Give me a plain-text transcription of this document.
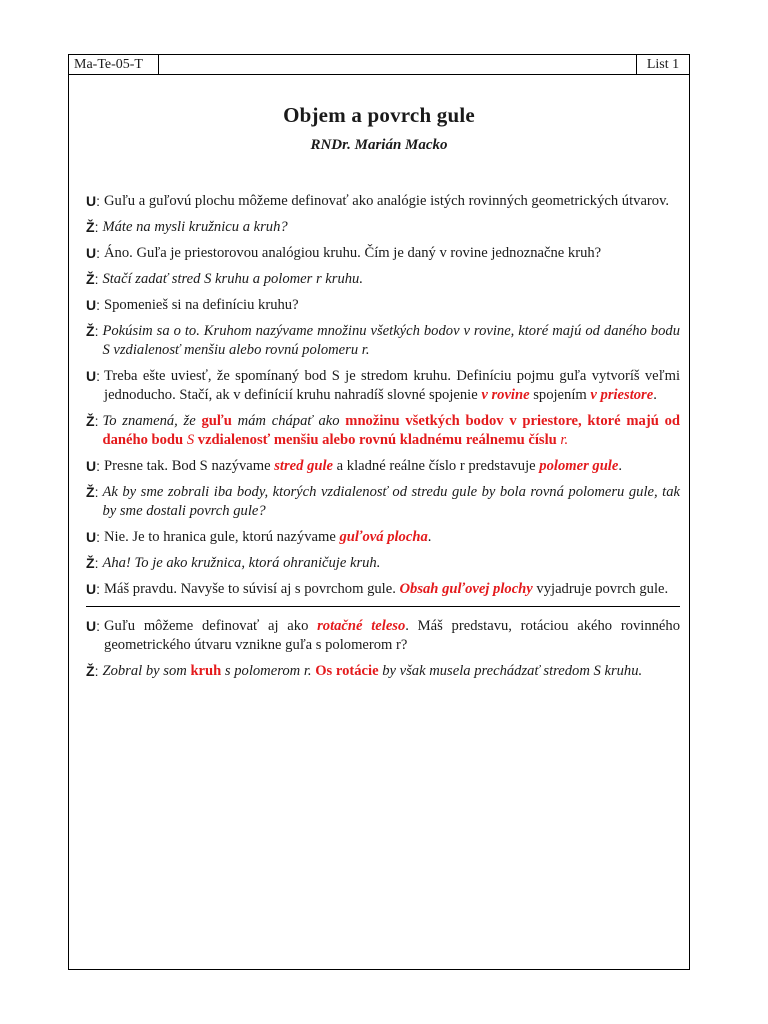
Ma-Te-05-T	List 1
Objem a povrch gule
RNDr. Marián Macko
U: Guľu a guľovú plochu môžeme definovať ako analógie istých rovinných geometrických útvarov.
Ž: Máte na mysli kružnicu a kruh?
U: Áno. Guľa je priestorovou analógiou kruhu. Čím je daný v rovine jednoznačne kruh?
Ž: Stačí zadať stred S kruhu a polomer r kruhu.
U: Spomenieš si na definíciu kruhu?
Ž: Pokúsim sa o to. Kruhom nazývame množinu všetkých bodov v rovine, ktoré majú od daného bodu S vzdialenosť menšiu alebo rovnú polomeru r.
U: Treba ešte uviesť, že spomínaný bod S je stredom kruhu. Definíciu pojmu guľa vytvoríš veľmi jednoducho. Stačí, ak v definícií kruhu nahradíš slovné spojenie v rovine spojením v priestore.
Ž: To znamená, že guľu mám chápať ako množinu všetkých bodov v priestore, ktoré majú od daného bodu S vzdialenosť menšiu alebo rovnú kladnému reálnemu číslu r.
U: Presne tak. Bod S nazývame stred gule a kladné reálne číslo r predstavuje polomer gule.
Ž: Ak by sme zobrali iba body, ktorých vzdialenosť od stredu gule by bola rovná polomeru gule, tak by sme dostali povrch gule?
U: Nie. Je to hranica gule, ktorú nazývame guľová plocha.
Ž: Aha! To je ako kružnica, ktorá ohraničuje kruh.
U: Máš pravdu. Navyše to súvisí aj s povrchom gule. Obsah guľovej plochy vyjadruje povrch gule.
U: Guľu môžeme definovať aj ako rotačné teleso. Máš predstavu, rotáciou akého rovinného geometrického útvaru vznikne guľa s polomerom r?
Ž: Zobral by som kruh s polomerom r. Os rotácie by však musela prechádzať stredom S kruhu.
